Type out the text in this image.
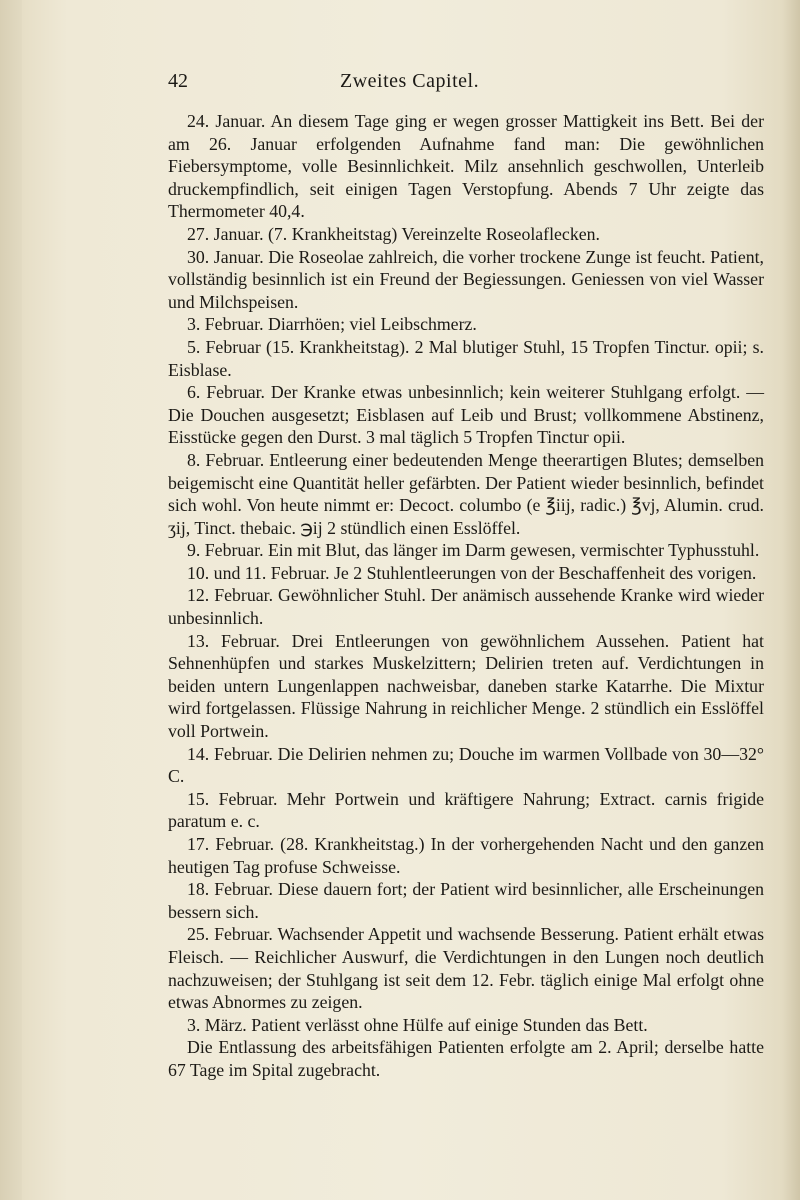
42	Zweites Capitel.

24. Januar. An diesem Tage ging er wegen grosser Mattigkeit ins Bett. Bei der am 26. Januar erfolgenden Aufnahme fand man: Die gewöhnlichen Fiebersymptome, volle Besinnlichkeit. Milz ansehnlich geschwollen, Unterleib druckempfindlich, seit einigen Tagen Verstopfung. Abends 7 Uhr zeigte das Thermometer 40,4.

27. Januar. (7. Krankheitstag) Vereinzelte Roseolaflecken.

30. Januar. Die Roseolae zahlreich, die vorher trockene Zunge ist feucht. Patient, vollständig besinnlich ist ein Freund der Begiessungen. Geniessen von viel Wasser und Milchspeisen.

3. Februar. Diarrhöen; viel Leibschmerz.

5. Februar (15. Krankheitstag). 2 Mal blutiger Stuhl, 15 Tropfen Tinctur. opii; s. Eisblase.

6. Februar. Der Kranke etwas unbesinnlich; kein weiterer Stuhlgang erfolgt. — Die Douchen ausgesetzt; Eisblasen auf Leib und Brust; vollkommene Abstinenz, Eisstücke gegen den Durst. 3 mal täglich 5 Tropfen Tinctur opii.

8. Februar. Entleerung einer bedeutenden Menge theerartigen Blutes; demselben beigemischt eine Quantität heller gefärbten. Der Patient wieder besinnlich, befindet sich wohl. Von heute nimmt er: Decoct. columbo (e ℥iij, radic.) ℥vj, Alumin. crud. ʒij, Tinct. thebaic. ℈ij 2 stündlich einen Esslöffel.

9. Februar. Ein mit Blut, das länger im Darm gewesen, vermischter Typhusstuhl.

10. und 11. Februar. Je 2 Stuhlentleerungen von der Beschaffenheit des vorigen.

12. Februar. Gewöhnlicher Stuhl. Der anämisch aussehende Kranke wird wieder unbesinnlich.

13. Februar. Drei Entleerungen von gewöhnlichem Aussehen. Patient hat Sehnenhüpfen und starkes Muskelzittern; Delirien treten auf. Verdichtungen in beiden untern Lungenlappen nachweisbar, daneben starke Katarrhe. Die Mixtur wird fortgelassen. Flüssige Nahrung in reichlicher Menge. 2 stündlich ein Esslöffel voll Portwein.

14. Februar. Die Delirien nehmen zu; Douche im warmen Vollbade von 30—32° C.

15. Februar. Mehr Portwein und kräftigere Nahrung; Extract. carnis frigide paratum e. c.

17. Februar. (28. Krankheitstag.) In der vorhergehenden Nacht und den ganzen heutigen Tag profuse Schweisse.

18. Februar. Diese dauern fort; der Patient wird besinnlicher, alle Erscheinungen bessern sich.

25. Februar. Wachsender Appetit und wachsende Besserung. Patient erhält etwas Fleisch. — Reichlicher Auswurf, die Verdichtungen in den Lungen noch deutlich nachzuweisen; der Stuhlgang ist seit dem 12. Febr. täglich einige Mal erfolgt ohne etwas Abnormes zu zeigen.

3. März. Patient verlässt ohne Hülfe auf einige Stunden das Bett.

Die Entlassung des arbeitsfähigen Patienten erfolgte am 2. April; derselbe hatte 67 Tage im Spital zugebracht.
